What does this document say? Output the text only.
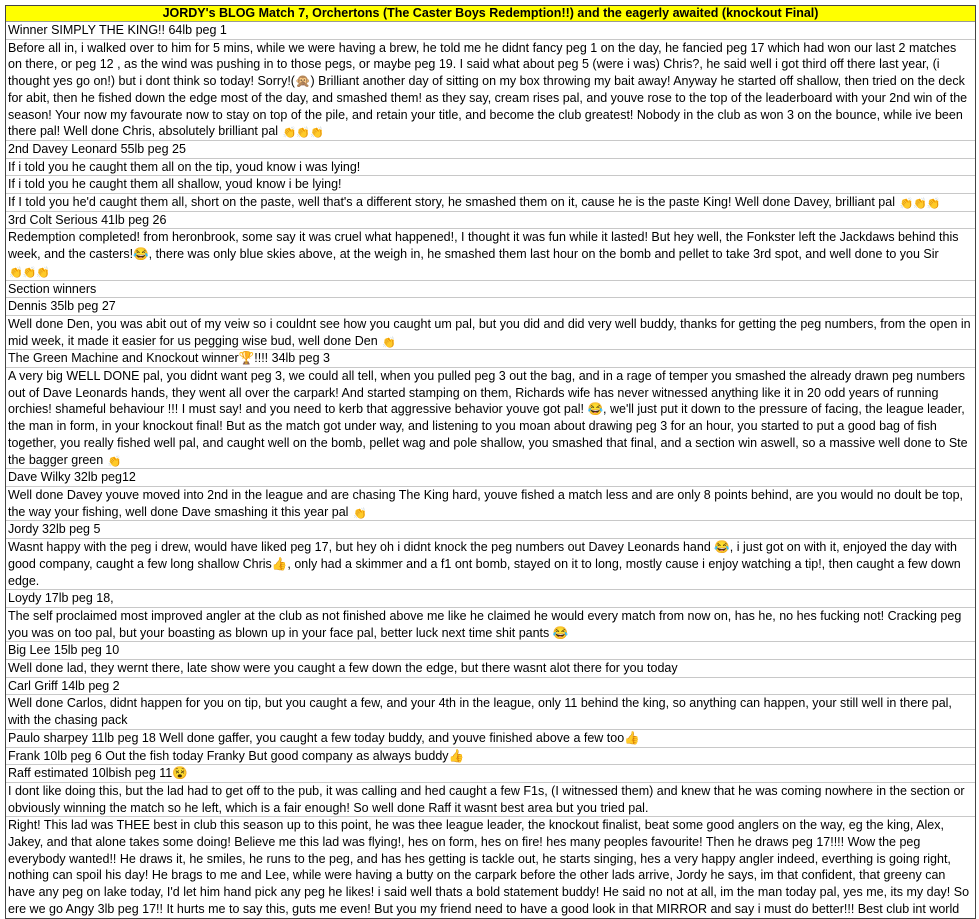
JORDY's BLOG Match 7, Orchertons (The Caster Boys Redemption!!) and the eagerly awaited (knockout Final)
Winner SIMPLY THE KING!! 64lb peg 1
Before all in, i walked over to him for 5 mins, while we were having a brew, he told me he didnt fancy peg 1 on the day, he fancied peg 17 which had won our last 2 matches on there, or peg 12 , as the wind was pushing in to those pegs, or maybe peg 19. I said what about peg 5 (were i was) Chris?, he said well i got third off there last year, (i thought yes go on!) but i dont think so today! Sorry!(🙊) Brilliant another day of sitting on my box throwing my bait away! Anyway he started off shallow, then tried on the deck for abit, then he fished down the edge most of the day, and smashed them! as they say, cream rises pal, and youve rose to the top of the leaderboard with your 2nd win of the season! Your now my favourate now to stay on top of the pile, and retain your title, and become the club greatest! Nobody in the club as won 3 on the bounce, while ive been there pal! Well done Chris, absolutely brilliant pal 👏👏👏
2nd Davey Leonard 55lb peg 25
If i told you he caught them all on the tip, youd know i was lying!
If i told you he caught them all shallow, youd know i be lying!
If I told you he'd caught them all, short on the paste, well that's a different story, he smashed them on it, cause he is the paste King! Well done Davey, brilliant pal 👏👏👏
3rd Colt Serious 41lb peg 26
Redemption completed! from heronbrook, some say it was cruel what happened!, I thought it was fun while it lasted! But hey well, the Fonkster left the Jackdaws behind this week, and the casters!😂, there was only blue skies above, at the weigh in, he smashed them last hour on the bomb and pellet to take 3rd spot, and well done to you Sir 👏👏👏
Section winners
Dennis 35lb peg 27
Well done Den, you was abit out of my veiw so i couldnt see how you caught um pal, but you did and did very well buddy, thanks for getting the peg numbers, from the open in mid week, it made it easier for us pegging wise bud, well done Den 👏
The Green Machine and Knockout winner🏆!!!! 34lb peg 3
A very big WELL DONE pal, you didnt want peg 3, we could all tell, when you pulled peg 3 out the bag, and in a rage of temper you smashed the already drawn peg numbers out of Dave Leonards hands, they went all over the carpark! And started stamping on them, Richards wife has never witnessed anything like it in 20 odd years of running orchies! shameful behaviour !!! I must say! and you need to kerb that aggressive behavior youve got pal! 😂, we'll just put it down to the pressure of facing, the league leader, the man in form, in your knockout final! But as the match got under way, and listening to you moan about drawing peg 3 for an hour, you started to put a good bag of fish together, you really fished well pal, and caught well on the bomb, pellet wag and pole shallow, you smashed that final, and a section win aswell, so a massive well done to Ste the bagger green 👏
Dave Wilky 32lb peg12
Well done Davey youve moved into 2nd in the league and are chasing The King hard, youve fished a match less and are only 8 points behind, are you would no doult be top, the way your fishing, well done Dave smashing it this year pal 👏
Jordy 32lb peg 5
Wasnt happy with the peg i drew, would have liked peg 17, but hey oh i didnt knock the peg numbers out Davey Leonards hand 😂, i just got on with it, enjoyed the day with good company, caught a few long shallow Chris👍, only had a skimmer and a f1 ont bomb, stayed on it to long, mostly cause i enjoy watching a tip!, then caught a few down edge.
Loydy 17lb peg 18,
The self proclaimed most improved angler at the club as not finished above me like he claimed he would every match from now on, has he, no hes fucking not! Cracking peg you was on too pal, but your boasting as blown up in your face pal, better luck next time shit pants 😂
Big Lee 15lb peg 10
Well done lad, they wernt there, late show were you caught a few down the edge, but there wasnt alot there for you today
Carl Griff 14lb peg 2
Well done Carlos, didnt happen for you on tip, but you caught a few, and your 4th in the league, only 11 behind the king, so anything can happen, your still well in there pal, with the chasing pack
Paulo sharpey 11lb peg 18 Well done gaffer, you caught a few today buddy, and youve finished above a few too👍
Frank 10lb peg 6 Out the fish today Franky But good company as always buddy👍
Raff estimated 10lbish peg 11😵
I dont like doing this, but the lad had to get off to the pub, it was calling and hed caught a few F1s, (I witnessed them) and knew that he was coming nowhere in the section or obviously winning the match so he left, which is a fair enough! So well done Raff it wasnt best area but you tried pal.
Right! This lad was THEE best in club this season up to this point, he was thee league leader, the knockout finalist, beat some good anglers on the way, eg the king, Alex, Jakey, and that alone takes some doing! Believe me this lad was flying!, hes on form, hes on fire! hes many peoples favourite! Then he draws peg 17!!!! Wow the peg everybody wanted!! He draws it, he smiles, he runs to the peg, and has hes getting is tackle out, he starts singing, hes a very happy angler indeed, everthing is going right, nothing can spoil his day! He brags to me and Lee, while were having a butty on the carpark before the other lads arrive, Jordy he says, im that confident, that greeny can have any peg on lake today, I'd let him hand pick any peg he likes! i said well thats a bold statement buddy! He said no not at all, im the man today pal, yes me, its my day! So ere we go Angy 3lb peg 17!! It hurts me to say this, guts me even! But you my friend need to have a good look in that MIRROR and say i must do better!!! Best club int world
